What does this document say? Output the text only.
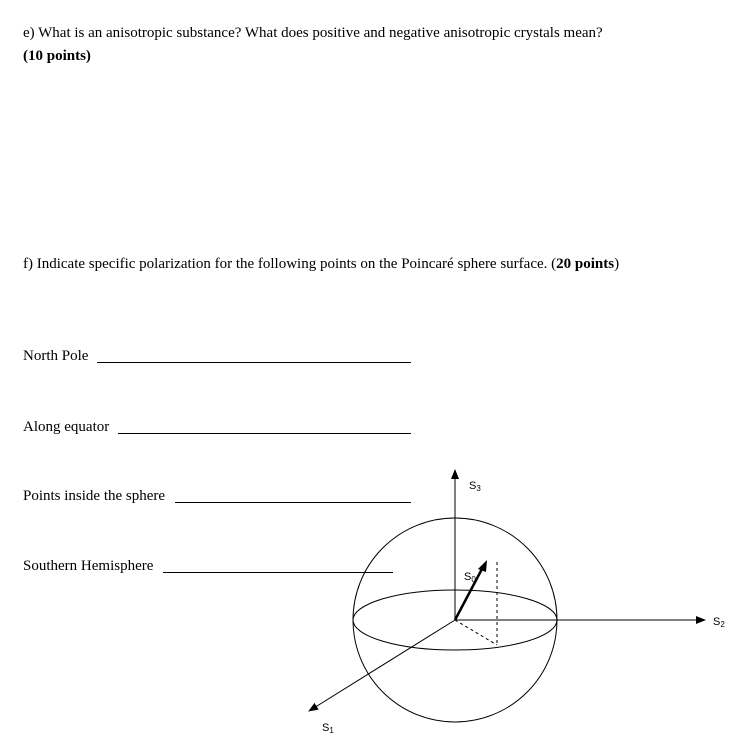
e) What is an anisotropic substance? What does positive and negative anisotropic crystals mean?
(10 points)

f) Indicate specific polarization for the following points on the Poincaré sphere surface. (20 points)

North Pole
Along equator
Points inside the sphere
Southern Hemisphere
S3
S2
S1
S0
